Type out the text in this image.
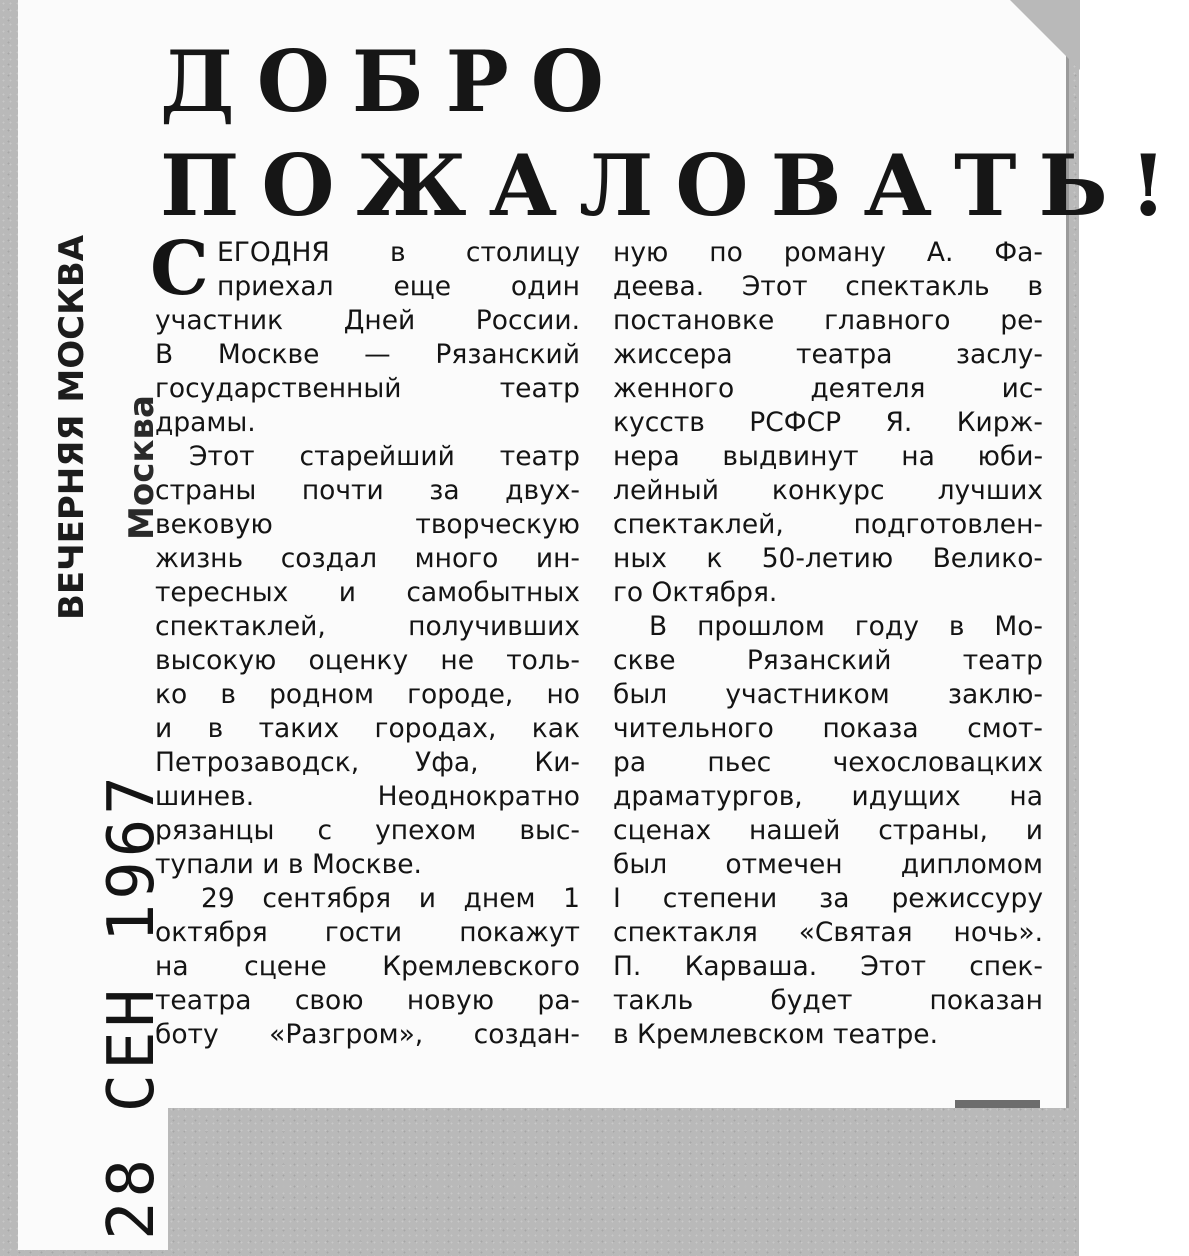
ВЕЧЕРНЯЯ МОСКВА Москва
28 СЕН 1967
ДОБРО
ПОЖАЛОВАТЬ!
С ЕГОДНЯ в столицу
приехал еще один
участник Дней России.
В Москве — Рязанский
государственный театр
драмы.
Этот старейший театр
страны почти за двух-
вековую творческую
жизнь создал много ин-
тересных и самобытных
спектаклей, получивших
высокую оценку не толь-
ко в родном городе, но
и в таких городах, как
Петрозаводск, Уфа, Ки-
шинев. Неоднократно
рязанцы с упехом выс-
тупали и в Москве.
29 сентября и днем 1
октября гости покажут
на сцене Кремлевского
театра свою новую ра-
боту «Разгром», создан-
ную по роману А. Фа-
деева. Этот спектакль в
постановке главного ре-
жиссера театра заслу-
женного деятеля ис-
кусств РСФСР Я. Кирж-
нера выдвинут на юби-
лейный конкурс лучших
спектаклей, подготовлен-
ных к 50-летию Велико-
го Октября.
В прошлом году в Мо-
скве Рязанский театр
был участником заклю-
чительного показа смот-
ра пьес чехословацких
драматургов, идущих на
сценах нашей страны, и
был отмечен дипломом
I степени за режиссуру
спектакля «Святая ночь».
П. Карваша. Этот спек-
такль будет показан
в Кремлевском театре.
